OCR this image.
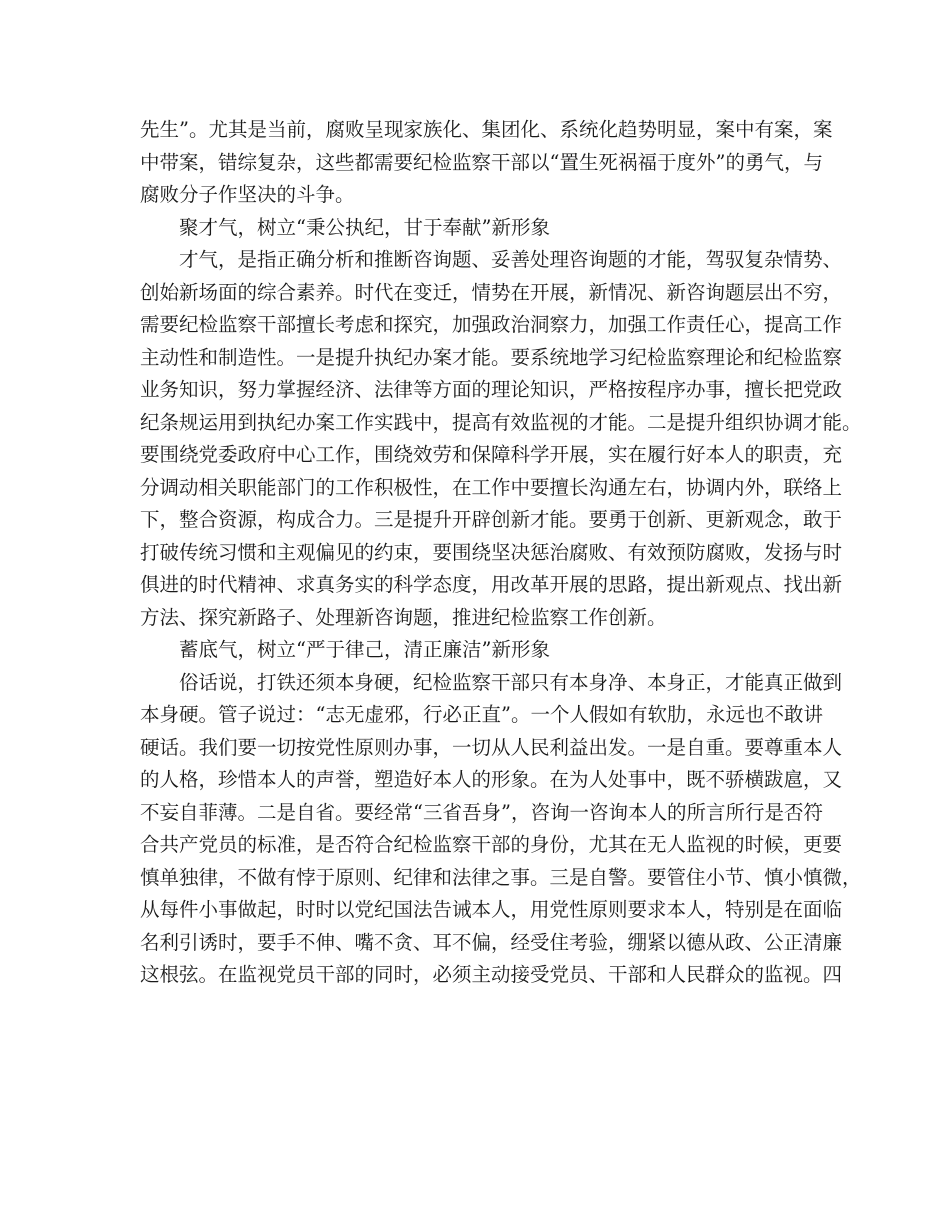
先生”。尤其是当前，腐败呈现家族化、集团化、系统化趋势明显，案中有案，案
中带案，错综复杂，这些都需要纪检监察干部以“置生死祸福于度外”的勇气，与
腐败分子作坚决的斗争。
聚才气，树立“秉公执纪，甘于奉献”新形象
才气，是指正确分析和推断咨询题、妥善处理咨询题的才能，驾驭复杂情势、
创始新场面的综合素养。时代在变迁，情势在开展，新情况、新咨询题层出不穷，
需要纪检监察干部擅长考虑和探究，加强政治洞察力，加强工作责任心，提高工作
主动性和制造性。一是提升执纪办案才能。要系统地学习纪检监察理论和纪检监察
业务知识，努力掌握经济、法律等方面的理论知识，严格按程序办事，擅长把党政
纪条规运用到执纪办案工作实践中，提高有效监视的才能。二是提升组织协调才能。
要围绕党委政府中心工作，围绕效劳和保障科学开展，实在履行好本人的职责，充
分调动相关职能部门的工作积极性，在工作中要擅长沟通左右，协调内外，联络上
下，整合资源，构成合力。三是提升开辟创新才能。要勇于创新、更新观念，敢于
打破传统习惯和主观偏见的约束，要围绕坚决惩治腐败、有效预防腐败，发扬与时
俱进的时代精神、求真务实的科学态度，用改革开展的思路，提出新观点、找出新
方法、探究新路子、处理新咨询题，推进纪检监察工作创新。
蓄底气，树立“严于律己，清正廉洁”新形象
俗话说，打铁还须本身硬，纪检监察干部只有本身净、本身正，才能真正做到
本身硬。管子说过：“志无虚邪，行必正直”。一个人假如有软肋，永远也不敢讲
硬话。我们要一切按党性原则办事，一切从人民利益出发。一是自重。要尊重本人
的人格，珍惜本人的声誉，塑造好本人的形象。在为人处事中，既不骄横跋扈，又
不妄自菲薄。二是自省。要经常“三省吾身”，咨询一咨询本人的所言所行是否符
合共产党员的标准，是否符合纪检监察干部的身份，尤其在无人监视的时候，更要
慎单独律，不做有悖于原则、纪律和法律之事。三是自警。要管住小节、慎小慎微，
从每件小事做起，时时以党纪国法告诫本人，用党性原则要求本人，特别是在面临
名利引诱时，要手不伸、嘴不贪、耳不偏，经受住考验，绷紧以德从政、公正清廉
这根弦。在监视党员干部的同时，必须主动接受党员、干部和人民群众的监视。四
